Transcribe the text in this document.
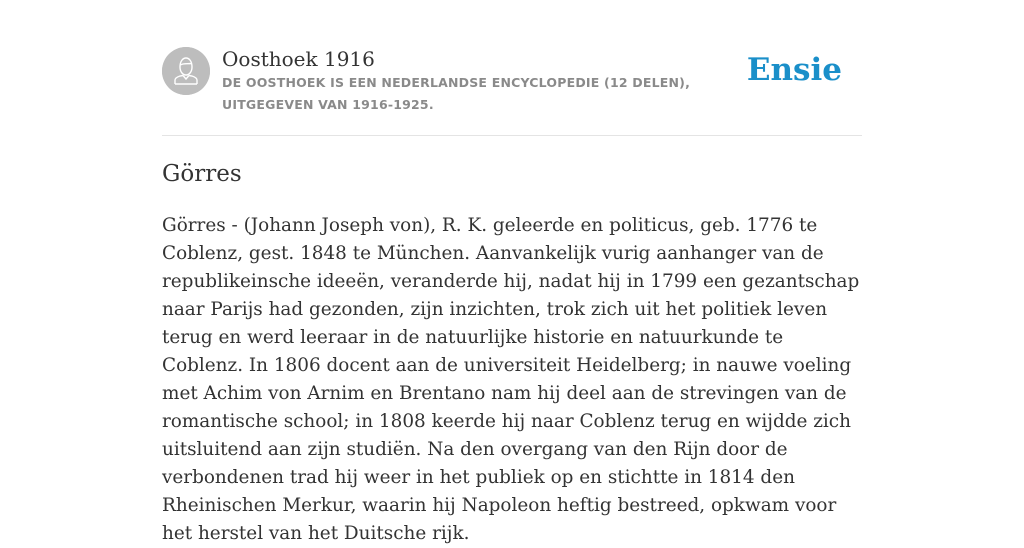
Oosthoek 1916
DE OOSTHOEK IS EEN NEDERLANDSE ENCYCLOPEDIE (12 DELEN), UITGEGEVEN VAN 1916-1925.
Ensie
Görres

Görres - (Johann Joseph von), R. K. geleerde en politicus, geb. 1776 te Coblenz, gest. 1848 te München. Aanvankelijk vurig aanhanger van de republikeinsche ideeën, veranderde hij, nadat hij in 1799 een gezantschap naar Parijs had gezonden, zijn inzichten, trok zich uit het politiek leven terug en werd leeraar in de natuurlijke historie en natuurkunde te Coblenz. In 1806 docent aan de universiteit Heidelberg; in nauwe voeling met Achim von Arnim en Brentano nam hij deel aan de strevingen van de romantische school; in 1808 keerde hij naar Coblenz terug en wijdde zich uitsluitend aan zijn studiën. Na den overgang van den Rijn door de verbondenen trad hij weer in het publiek op en stichtte in 1814 den Rheinischen Merkur, waarin hij Napoleon heftig bestreed, opkwam voor het herstel van het Duitsche rijk.
